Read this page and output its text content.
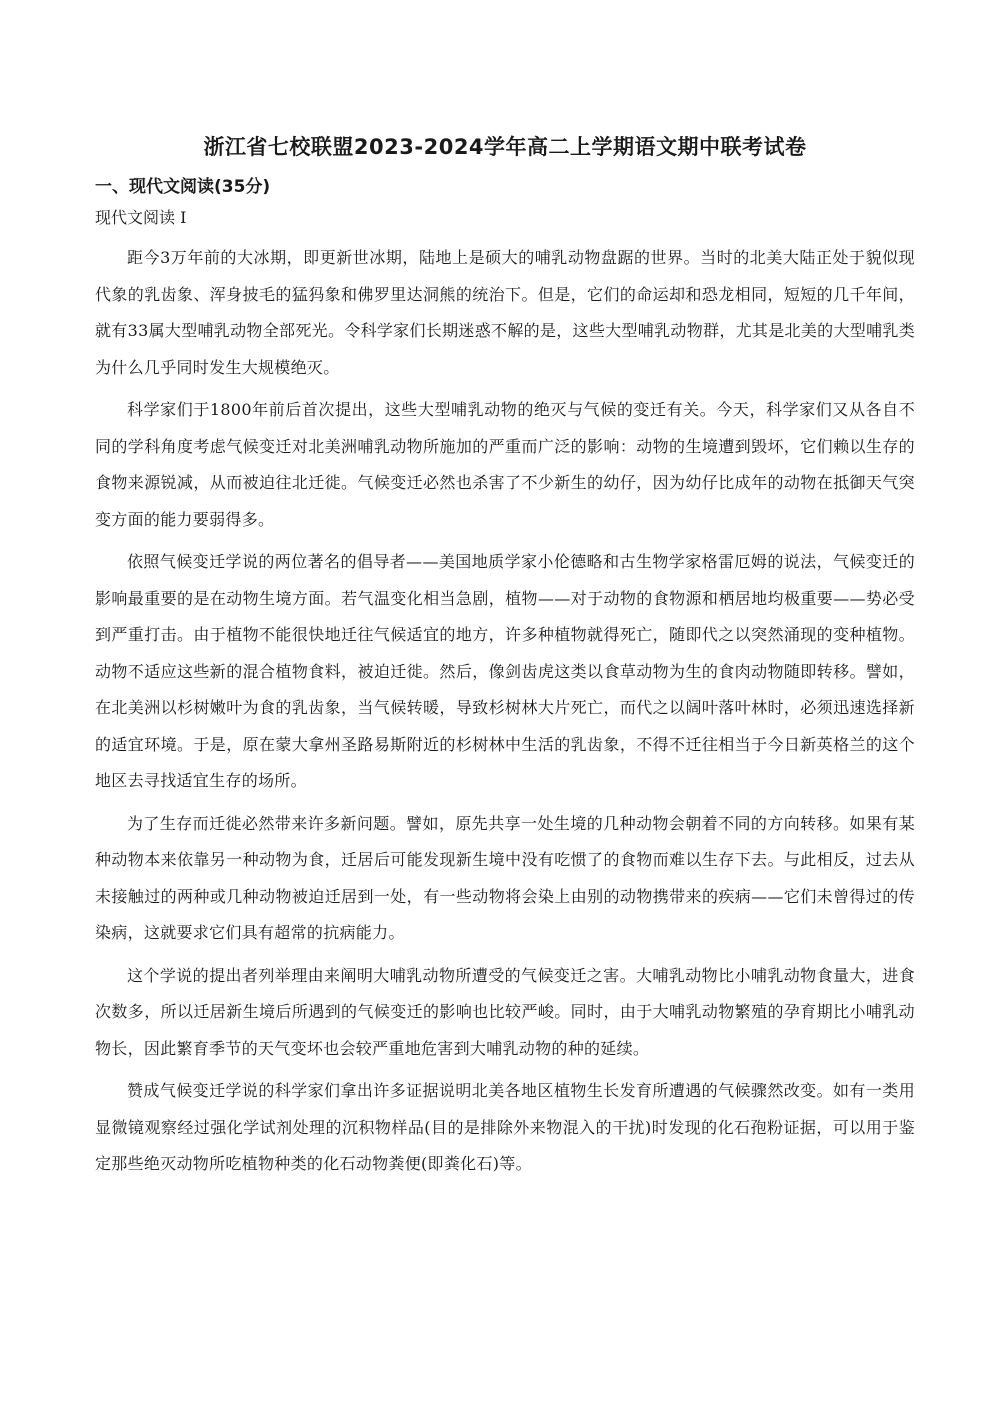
浙江省七校联盟2023-2024学年高二上学期语文期中联考试卷
一、现代文阅读(35分)
现代文阅读 I

距今3万年前的大冰期，即更新世冰期，陆地上是硕大的哺乳动物盘踞的世界。当时的北美大陆正处于貌似现代象的乳齿象、浑身披毛的猛犸象和佛罗里达洞熊的统治下。但是，它们的命运却和恐龙相同，短短的几千年间，就有33属大型哺乳动物全部死光。令科学家们长期迷惑不解的是，这些大型哺乳动物群，尤其是北美的大型哺乳类为什么几乎同时发生大规模绝灭。

科学家们于1800年前后首次提出，这些大型哺乳动物的绝灭与气候的变迁有关。今天，科学家们又从各自不同的学科角度考虑气候变迁对北美洲哺乳动物所施加的严重而广泛的影响：动物的生境遭到毁坏，它们赖以生存的食物来源锐减，从而被迫往北迁徙。气候变迁必然也杀害了不少新生的幼仔，因为幼仔比成年的动物在抵御天气突变方面的能力要弱得多。

依照气候变迁学说的两位著名的倡导者——美国地质学家小伦德略和古生物学家格雷厄姆的说法，气候变迁的影响最重要的是在动物生境方面。若气温变化相当急剧，植物——对于动物的食物源和栖居地均极重要——势必受到严重打击。由于植物不能很快地迁往气候适宜的地方，许多种植物就得死亡，随即代之以突然涌现的变种植物。动物不适应这些新的混合植物食料，被迫迁徙。然后，像剑齿虎这类以食草动物为生的食肉动物随即转移。譬如，在北美洲以杉树嫩叶为食的乳齿象，当气候转暖，导致杉树林大片死亡，而代之以阔叶落叶林时，必须迅速选择新的适宜环境。于是，原在蒙大拿州圣路易斯附近的杉树林中生活的乳齿象，不得不迁往相当于今日新英格兰的这个地区去寻找适宜生存的场所。

为了生存而迁徙必然带来许多新问题。譬如，原先共享一处生境的几种动物会朝着不同的方向转移。如果有某种动物本来依靠另一种动物为食，迁居后可能发现新生境中没有吃惯了的食物而难以生存下去。与此相反，过去从未接触过的两种或几种动物被迫迁居到一处，有一些动物将会染上由别的动物携带来的疾病——它们未曾得过的传染病，这就要求它们具有超常的抗病能力。

这个学说的提出者列举理由来阐明大哺乳动物所遭受的气候变迁之害。大哺乳动物比小哺乳动物食量大，进食次数多，所以迁居新生境后所遇到的气候变迁的影响也比较严峻。同时，由于大哺乳动物繁殖的孕育期比小哺乳动物长，因此繁育季节的天气变坏也会较严重地危害到大哺乳动物的种的延续。

赞成气候变迁学说的科学家们拿出许多证据说明北美各地区植物生长发育所遭遇的气候骤然改变。如有一类用显微镜观察经过强化学试剂处理的沉积物样品(目的是排除外来物混入的干扰)时发现的化石孢粉证据，可以用于鉴定那些绝灭动物所吃植物种类的化石动物粪便(即粪化石)等。
